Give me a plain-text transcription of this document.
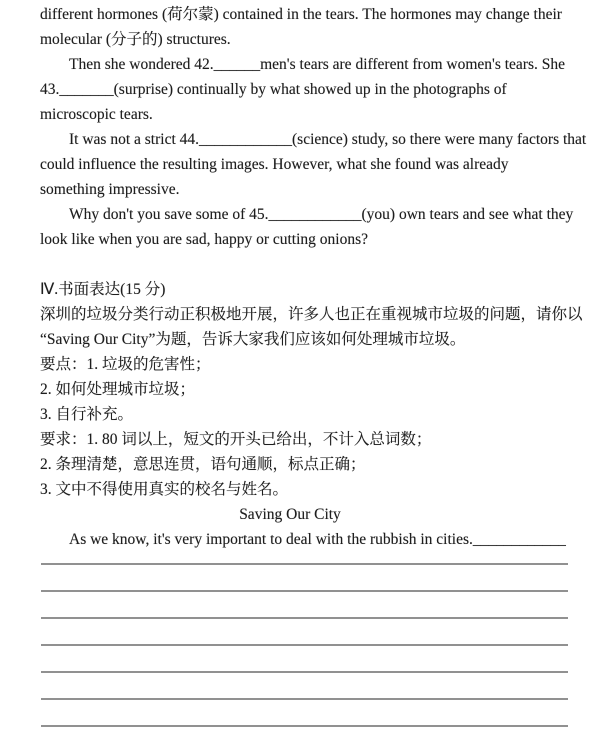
different hormones (荷尔蒙) contained in the tears. The hormones may change their
molecular (分子的) structures.
Then she wondered 42.______men's tears are different from women's tears. She
43._______(surprise) continually by what showed up in the photographs of
microscopic tears.
It was not a strict 44.____________(science) study, so there were many factors that
could influence the resulting images. However, what she found was already
something impressive.
Why don't you save some of 45.____________(you) own tears and see what they
look like when you are sad, happy or cutting onions?
Ⅳ.书面表达(15 分)
深圳的垃圾分类行动正积极地开展，许多人也正在重视城市垃圾的问题，请你以
“Saving Our City”为题，告诉大家我们应该如何处理城市垃圾。
要点：1. 垃圾的危害性；
2. 如何处理城市垃圾；
3. 自行补充。
要求：1. 80 词以上，短文的开头已给出，不计入总词数；
2. 条理清楚，意思连贯，语句通顺，标点正确；
3. 文中不得使用真实的校名与姓名。
Saving Our City
As we know, it's very important to deal with the rubbish in cities.____________
